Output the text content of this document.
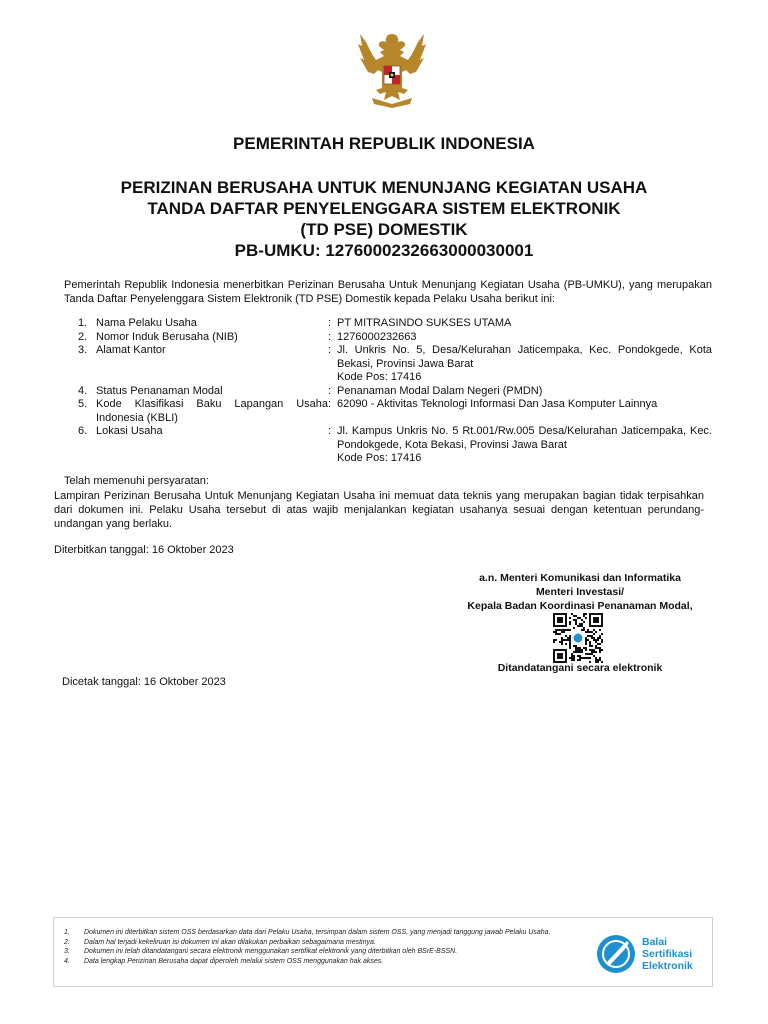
PEMERINTAH REPUBLIK INDONESIA
PERIZINAN BERUSAHA UNTUK MENUNJANG KEGIATAN USAHA
TANDA DAFTAR PENYELENGGARA SISTEM ELEKTRONIK
(TD PSE) DOMESTIK
PB-UMKU: 1276000232663000030001
Pemerintah Republik Indonesia menerbitkan Perizinan Berusaha Untuk Menunjang Kegiatan Usaha (PB-UMKU), yang merupakan Tanda Daftar Penyelenggara Sistem Elektronik (TD PSE) Domestik kepada Pelaku Usaha berikut ini:
1. Nama Pelaku Usaha	: PT MITRASINDO SUKSES UTAMA
2. Nomor Induk Berusaha (NIB)	: 1276000232663
3. Alamat Kantor	: Jl. Unkris No. 5, Desa/Kelurahan Jaticempaka, Kec. Pondokgede, Kota Bekasi, Provinsi Jawa Barat
Kode Pos: 17416
4. Status Penanaman Modal	: Penanaman Modal Dalam Negeri (PMDN)
5. Kode Klasifikasi Baku Lapangan Usaha Indonesia (KBLI)
: 62090 - Aktivitas Teknologi Informasi Dan Jasa Komputer Lainnya
6. Lokasi Usaha	: Jl. Kampus Unkris No. 5 Rt.001/Rw.005 Desa/Kelurahan Jaticempaka, Kec. Pondokgede, Kota Bekasi, Provinsi Jawa Barat
Kode Pos: 17416
Telah memenuhi persyaratan:
Lampiran Perizinan Berusaha Untuk Menunjang Kegiatan Usaha ini memuat data teknis yang merupakan bagian tidak terpisahkan dari dokumen ini. Pelaku Usaha tersebut di atas wajib menjalankan kegiatan usahanya sesuai dengan ketentuan perundang-undangan yang berlaku.
Diterbitkan tanggal: 16 Oktober 2023
a.n. Menteri Komunikasi dan Informatika
Menteri Investasi/
Kepala Badan Koordinasi Penanaman Modal,
Ditandatangani secara elektronik
Dicetak tanggal: 16 Oktober 2023
1.	Dokumen ini diterbitkan sistem OSS berdasarkan data dari Pelaku Usaha, tersimpan dalam sistem OSS, yang menjadi tanggung jawab Pelaku Usaha.
2.	Dalam hal terjadi kekeliruan isi dokumen ini akan dilakukan perbaikan sebagaimana mestinya.
3.	Dokumen ini telah ditandatangani secara elektronik menggunakan sertifikat elektronik yang diterbitkan oleh BSrE-BSSN.
4.	Data lengkap Perizinan Berusaha dapat diperoleh melalui sistem OSS menggunakan hak akses.
Balai
Sertifikasi
Elektronik
